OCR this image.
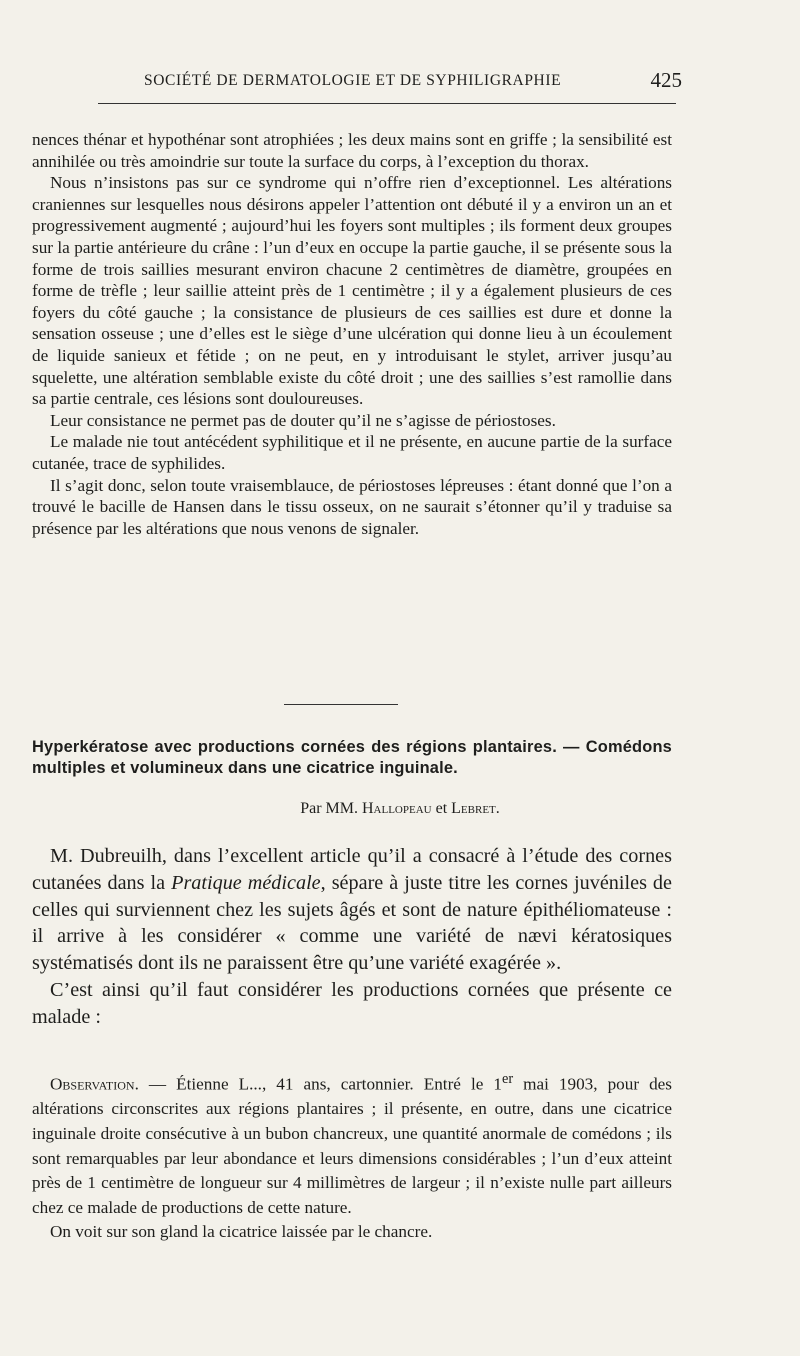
SOCIÉTÉ DE DERMATOLOGIE ET DE SYPHILIGRAPHIE	425

nences thénar et hypothénar sont atrophiées ; les deux mains sont en griffe ; la sensibilité est annihilée ou très amoindrie sur toute la surface du corps, à l’exception du thorax.

Nous n’insistons pas sur ce syndrome qui n’offre rien d’exceptionnel. Les altérations craniennes sur lesquelles nous désirons appeler l’attention ont débuté il y a environ un an et progressivement augmenté ; aujourd’hui les foyers sont multiples ; ils forment deux groupes sur la partie antérieure du crâne : l’un d’eux en occupe la partie gauche, il se présente sous la forme de trois saillies mesurant environ chacune 2 centimètres de diamètre, groupées en forme de trèfle ; leur saillie atteint près de 1 centimètre ; il y a également plusieurs de ces foyers du côté gauche ; la consistance de plusieurs de ces saillies est dure et donne la sensation osseuse ; une d’elles est le siège d’une ulcération qui donne lieu à un écoulement de liquide sanieux et fétide ; on ne peut, en y introduisant le stylet, arriver jusqu’au squelette, une altération semblable existe du côté droit ; une des saillies s’est ramollie dans sa partie centrale, ces lésions sont douloureuses.

Leur consistance ne permet pas de douter qu’il ne s’agisse de périostoses.

Le malade nie tout antécédent syphilitique et il ne présente, en aucune partie de la surface cutanée, trace de syphilides.

Il s’agit donc, selon toute vraisemblauce, de périostoses lépreuses : étant donné que l’on a trouvé le bacille de Hansen dans le tissu osseux, on ne saurait s’étonner qu’il y traduise sa présence par les altérations que nous venons de signaler.

Hyperkératose avec productions cornées des régions plantaires. — Comédons multiples et volumineux dans une cicatrice inguinale.
Par MM. Hallopeau et Lebret.

M. Dubreuilh, dans l’excellent article qu’il a consacré à l’étude des cornes cutanées dans la Pratique médicale, sépare à juste titre les cornes juvéniles de celles qui surviennent chez les sujets âgés et sont de nature épithéliomateuse : il arrive à les considérer « comme une variété de nævi kératosiques systématisés dont ils ne paraissent être qu’une variété exagérée ».

C’est ainsi qu’il faut considérer les productions cornées que présente ce malade :

Observation. — Étienne L..., 41 ans, cartonnier. Entré le 1er mai 1903, pour des altérations circonscrites aux régions plantaires ; il présente, en outre, dans une cicatrice inguinale droite consécutive à un bubon chancreux, une quantité anormale de comédons ; ils sont remarquables par leur abondance et leurs dimensions considérables ; l’un d’eux atteint près de 1 centimètre de longueur sur 4 millimètres de largeur ; il n’existe nulle part ailleurs chez ce malade de productions de cette nature.

On voit sur son gland la cicatrice laissée par le chancre.
